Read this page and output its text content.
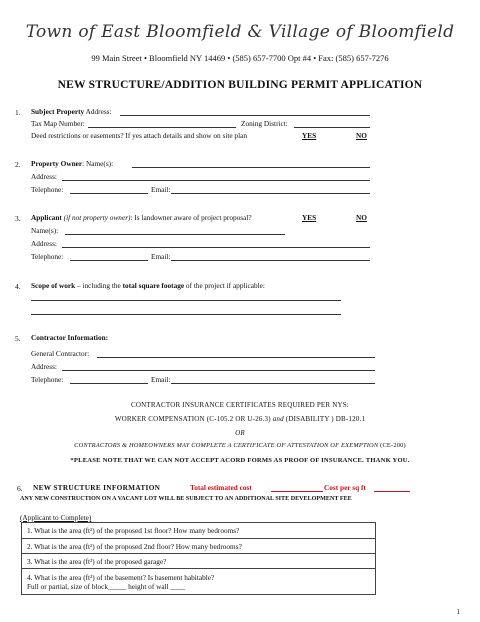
Town of East Bloomfield & Village of Bloomfield
99 Main Street • Bloomfield NY 14469 • (585) 657-7700 Opt #4 • Fax: (585) 657-7276
NEW STRUCTURE/ADDITION BUILDING PERMIT APPLICATION
1. Subject Property Address:
Tax Map Number:	Zoning District:
Deed restrictions or easements? If yes attach details and show on site plan	YES	NO
2. Property Owner: Name(s):
Address:
Telephone:	Email:
3. Applicant (if not property owner): Is landowner aware of project proposal?	YES	NO
Name(s):
Address:
Telephone:	Email:
4. Scope of work – including the total square footage of the project if applicable:
5. Contractor Information:
General Contractor:
Address:
Telephone:	Email:
CONTRACTOR INSURANCE CERTIFICATES REQUIRED PER NYS:
WORKER COMPENSATION (C-105.2 OR U-26.3) and (DISABILITY ) DB-120.1
OR
CONTRACTORS & HOMEOWNERS MAY COMPLETE A CERTIFICATE OF ATTESTATION OF EXEMPTION (CE-200)
*PLEASE NOTE THAT WE CAN NOT ACCEPT ACORD FORMS AS PROOF OF INSURANCE. THANK YOU.
6. NEW STRUCTURE INFORMATION	Total estimated cost	Cost per sq ft
ANY NEW CONSTRUCTION ON A VACANT LOT WILL BE SUBJECT TO AN ADDITIONAL SITE DEVELOPMENT FEE
(Applicant to Complete)
1. What is the area (ft²) of the proposed 1st floor? How many bedrooms?
2. What is the area (ft²) of the proposed 2nd floor? How many bedrooms?
3. What is the area (ft²) of the proposed garage?
4. What is the area (ft²) of the basement? Is basement habitable?
Full or partial, size of block_____ height of wall ____
1
